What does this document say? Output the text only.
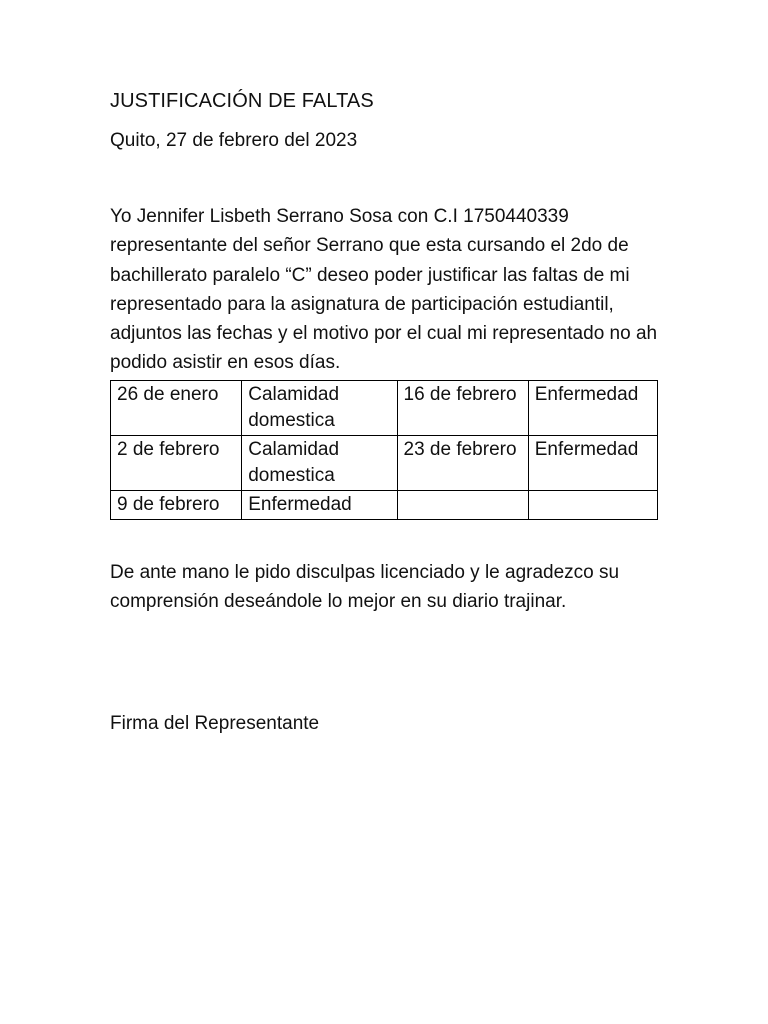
JUSTIFICACIÓN DE FALTAS

Quito, 27 de febrero del 2023

Yo Jennifer Lisbeth Serrano Sosa con C.I 1750440339 representante del señor Serrano que esta cursando el 2do de bachillerato paralelo “C” deseo poder justificar las faltas de mi representado para la asignatura de participación estudiantil, adjuntos las fechas y el motivo por el cual mi representado no ah podido asistir en esos días.

26 de enero	Calamidad domestica	16 de febrero	Enfermedad
2 de febrero	Calamidad domestica	23 de febrero	Enfermedad
9 de febrero	Enfermedad		

De ante mano le pido disculpas licenciado y le agradezco su comprensión deseándole lo mejor en su diario trajinar.

Firma del Representante
